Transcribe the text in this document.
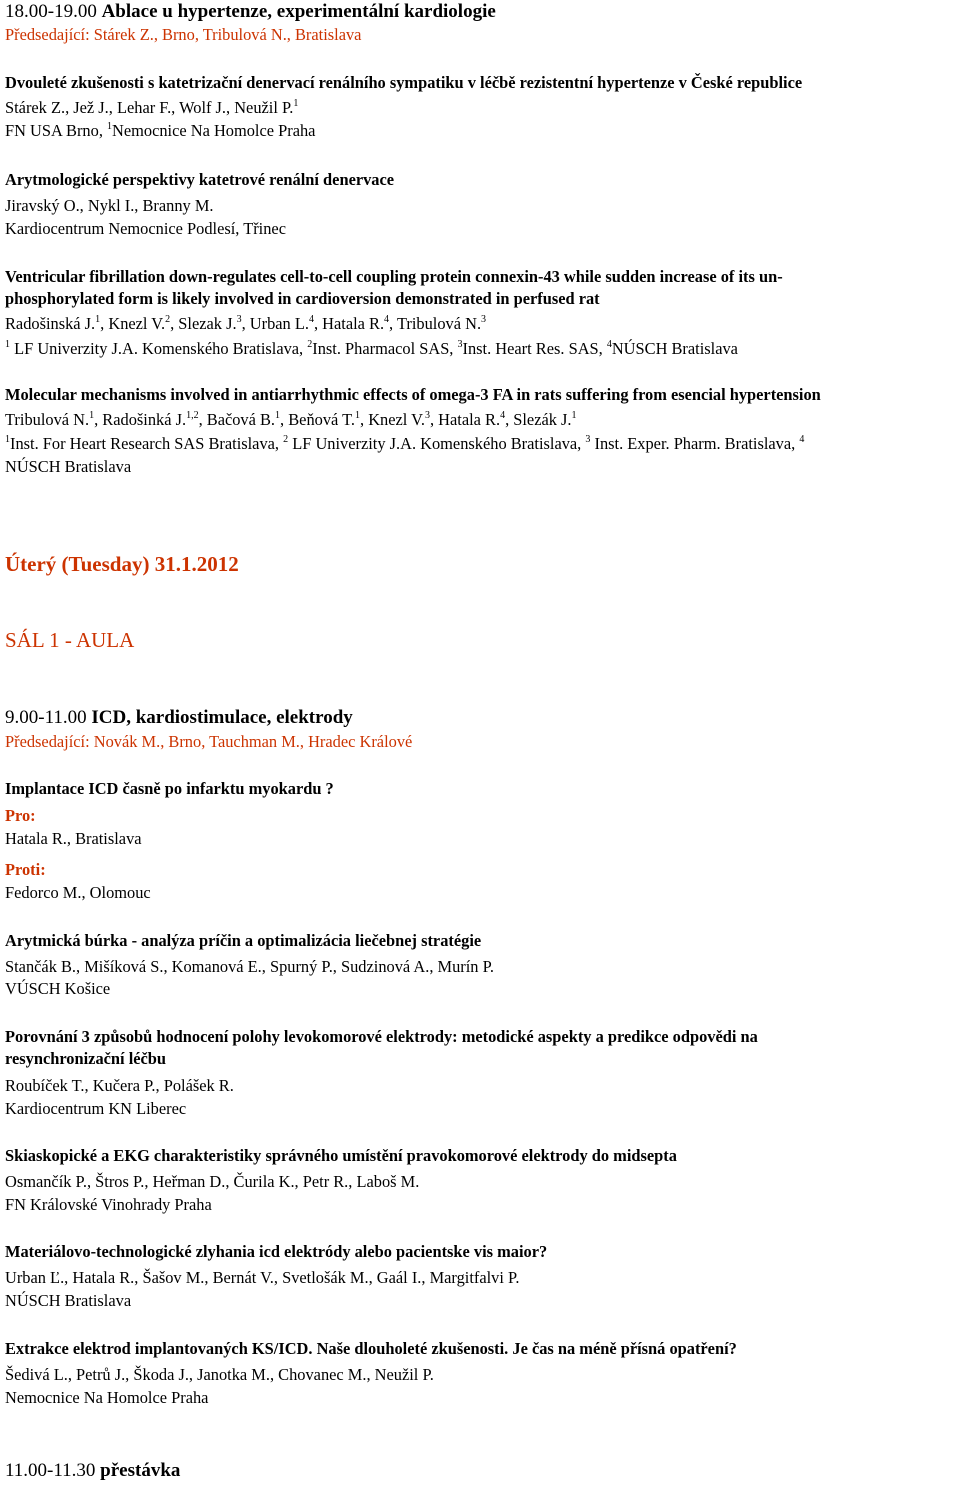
18.00-19.00 Ablace u hypertenze, experimentální kardiologie
Předsedající: Stárek Z., Brno, Tribulová N., Bratislava
Dvouleté zkušenosti s katetrizační denervací renálního sympatiku v léčbě rezistentní hypertenze v České republice
Stárek Z., Jež J., Lehar F., Wolf J., Neužil P.$^1$
FN USA Brno, $^1$Nemocnice Na Homolce Praha
Arytmologické perspektivy katetrové renální denervace
Jiravský O., Nykl I., Branny M.
Kardiocentrum Nemocnice Podlesí, Třinec
Ventricular fibrillation down-regulates cell-to-cell coupling protein connexin-43 while sudden increase of its un-
phosphorylated form is likely involved in cardioversion demonstrated in perfused rat
Radošinská J.$^1$, Knezl V.$^2$, Slezak J.$^3$, Urban L.$^4$, Hatala R.$^4$, Tribulová N.$^3$
$^1$ LF Univerzity J.A. Komenského Bratislava, $^2$Inst. Pharmacol SAS, $^3$Inst. Heart Res. SAS, $^4$NÚSCH Bratislava
Molecular mechanisms involved in antiarrhythmic effects of omega-3 FA in rats suffering from esencial hypertension
Tribulová N.$^1$, Radošinká J.$^{1,2}$, Bačová B.$^1$, Beňová T.$^1$, Knezl V.$^3$, Hatala R.$^4$, Slezák J.$^1$
$^1$Inst. For Heart Research SAS Bratislava, $^2$ LF Univerzity J.A. Komenského Bratislava, $^3$ Inst. Exper. Pharm. Bratislava, $^4$
NÚSCH Bratislava
Úterý (Tuesday) 31.1.2012
SÁL 1 - AULA
9.00-11.00 ICD, kardiostimulace, elektrody
Předsedající: Novák M., Brno, Tauchman M., Hradec Králové
Implantace ICD časně po infarktu myokardu ?
Pro:
Hatala R., Bratislava
Proti:
Fedorco M., Olomouc
Arytmická búrka - analýza príčin a optimalizácia liečebnej stratégie
Stančák B., Mišíková S., Komanová E., Spurný P., Sudzinová A., Murín P.
VÚSCH Košice
Porovnání 3 způsobů hodnocení polohy levokomorové elektrody: metodické aspekty a predikce odpovědi na
resynchronizační léčbu
Roubíček T., Kučera P., Polášek R.
Kardiocentrum KN Liberec
Skiaskopické a EKG charakteristiky správného umístění pravokomorové elektrody do midsepta
Osmančík P., Štros P., Heřman D., Čurila K., Petr R., Laboš M.
FN Královské Vinohrady Praha
Materiálovo-technologické zlyhania icd elektródy alebo pacientske vis maior?
Urban Ľ., Hatala R., Šašov M., Bernát V., Svetlošák M., Gaál I., Margitfalvi P.
NÚSCH Bratislava
Extrakce elektrod implantovaných KS/ICD. Naše dlouholeté zkušenosti. Je čas na méně přísná opatření?
Šedivá L., Petrů J., Škoda J., Janotka M., Chovanec M., Neužil P.
Nemocnice Na Homolce Praha
11.00-11.30 přestávka
